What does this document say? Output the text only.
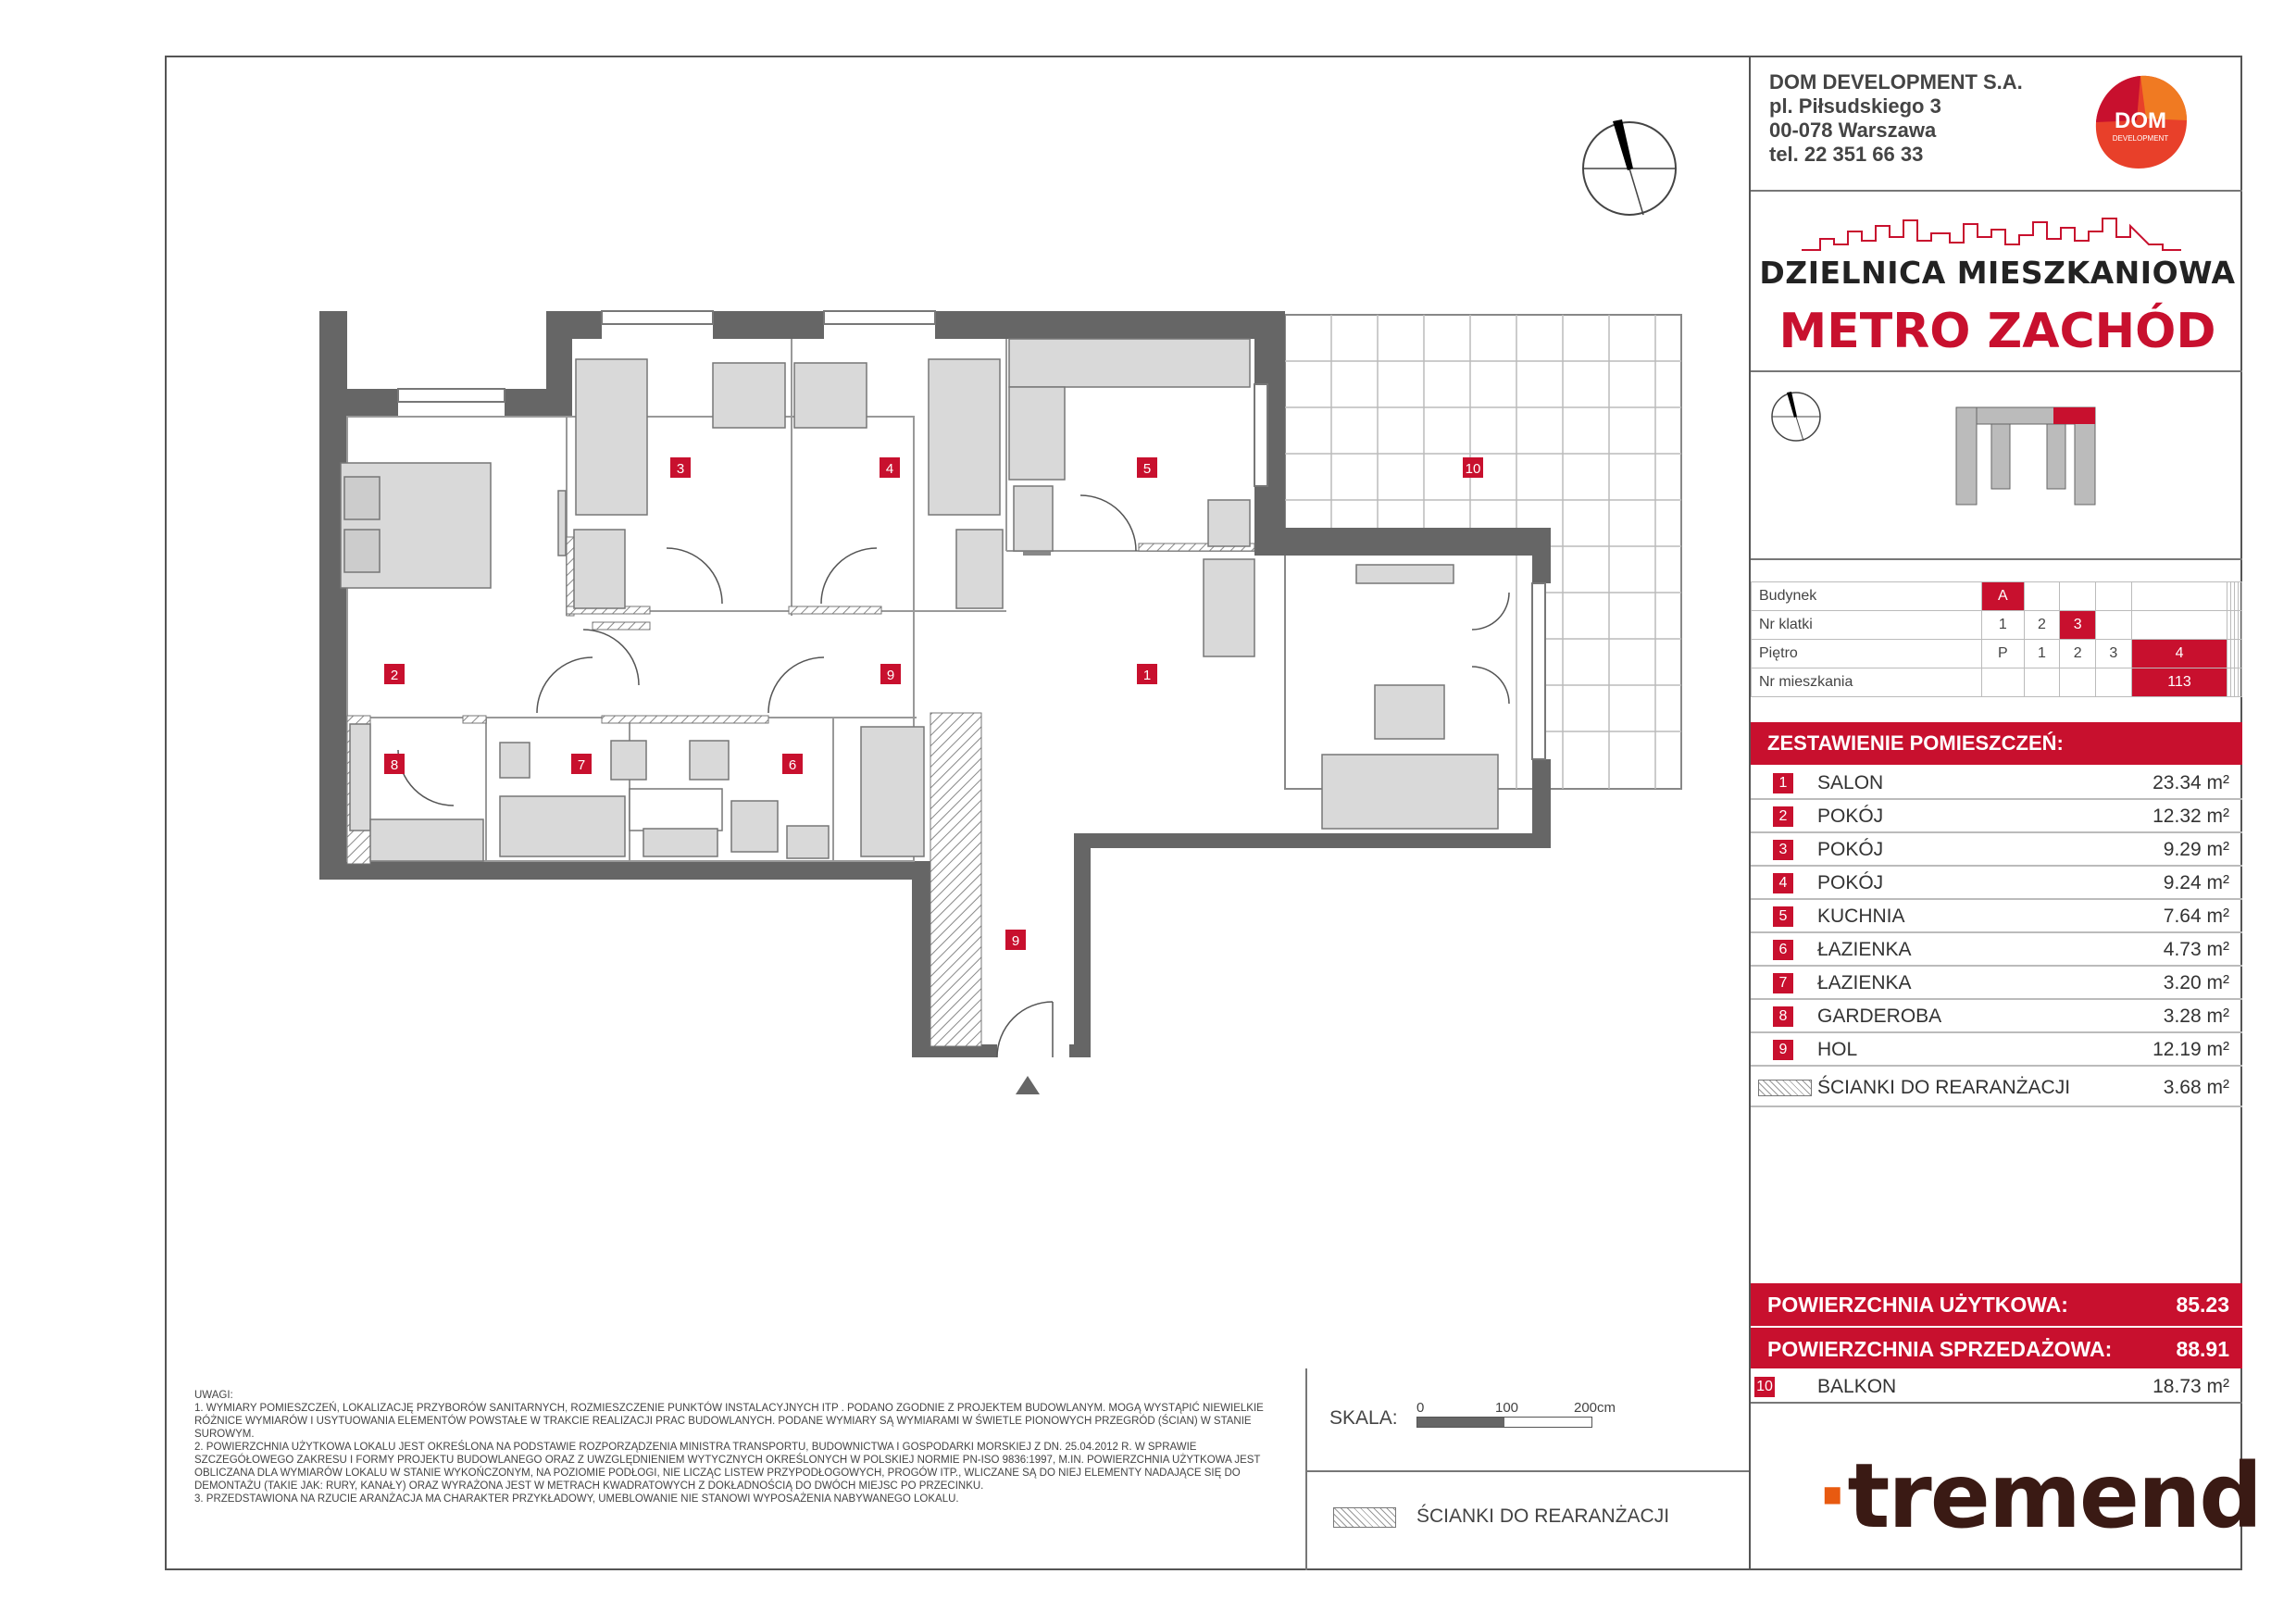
10
3	4	5
2	9	1
8	7	6
9
UWAGI:
1. WYMIARY POMIESZCZEŃ, LOKALIZACJĘ PRZYBORÓW SANITARNYCH, ROZMIESZCZENIE PUNKTÓW INSTALACYJNYCH ITP . PODANO ZGODNIE Z PROJEKTEM BUDOWLANYM. MOGĄ WYSTĄPIĆ NIEWIELKIE RÓŻNICE WYMIARÓW I USYTUOWANIA ELEMENTÓW POWSTAŁE W TRAKCIE REALIZACJI PRAC BUDOWLANYCH. PODANE WYMIARY SĄ WYMIARAMI W ŚWIETLE PIONOWYCH PRZEGRÓD (ŚCIAN) W STANIE SUROWYM.
2. POWIERZCHNIA UŻYTKOWA LOKALU JEST OKREŚLONA NA PODSTAWIE ROZPORZĄDZENIA MINISTRA TRANSPORTU, BUDOWNICTWA I GOSPODARKI MORSKIEJ Z DN. 25.04.2012 R. W SPRAWIE SZCZEGÓŁOWEGO ZAKRESU I FORMY PROJEKTU BUDOWLANEGO ORAZ Z UWZGLĘDNIENIEM WYTYCZNYCH OKREŚLONYCH W POLSKIEJ NORMIE PN-ISO 9836:1997, M.IN. POWIERZCHNIA UŻYTKOWA JEST OBLICZANA DLA WYMIARÓW LOKALU W STANIE WYKOŃCZONYM, NA POZIOMIE PODŁOGI, NIE LICZĄC LISTEW PRZYPODŁOGOWYCH, PROGÓW ITP., WLICZANE SĄ DO NIEJ ELEMENTY NADAJĄCE SIĘ DO DEMONTAŻU (TAKIE JAK: RURY, KANAŁY) ORAZ WYRAŻONA JEST W METRACH KWADRATOWYCH Z DOKŁADNOŚCIĄ DO DWÓCH MIEJSC PO PRZECINKU.
3. PRZEDSTAWIONA NA RZUCIE ARANŻACJA MA CHARAKTER PRZYKŁADOWY, UMEBLOWANIE NIE STANOWI WYPOSAŻENIA NABYWANEGO LOKALU.
SKALA: 0	100	200cm
ŚCIANKI DO REARANŻACJI
DOM DEVELOPMENT S.A.
pl. Piłsudskiego 3
00-078 Warszawa
tel. 22 351 66 33
DOM
DEVELOPMENT
DZIELNICA MIESZKANIOWA
METRO ZACHÓD
Budynek	A								
Nr klatki	1	2	3						
Piętro	P	1	2	3	4				
Nr mieszkania					113				
ZESTAWIENIE POMIESZCZEŃ:
1	SALON	23.34 m²
2	POKÓJ	12.32 m²
3	POKÓJ	9.29 m²
4	POKÓJ	9.24 m²
5	KUCHNIA	7.64 m²
6	ŁAZIENKA	4.73 m²
7	ŁAZIENKA	3.20 m²
8	GARDEROBA	3.28 m²
9	HOL	12.19 m²
ŚCIANKI DO REARANŻACJI	3.68 m²
POWIERZCHNIA UŻYTKOWA:	85.23
POWIERZCHNIA SPRZEDAŻOWA:	88.91
10 BALKON	18.73 m²
·tremend
